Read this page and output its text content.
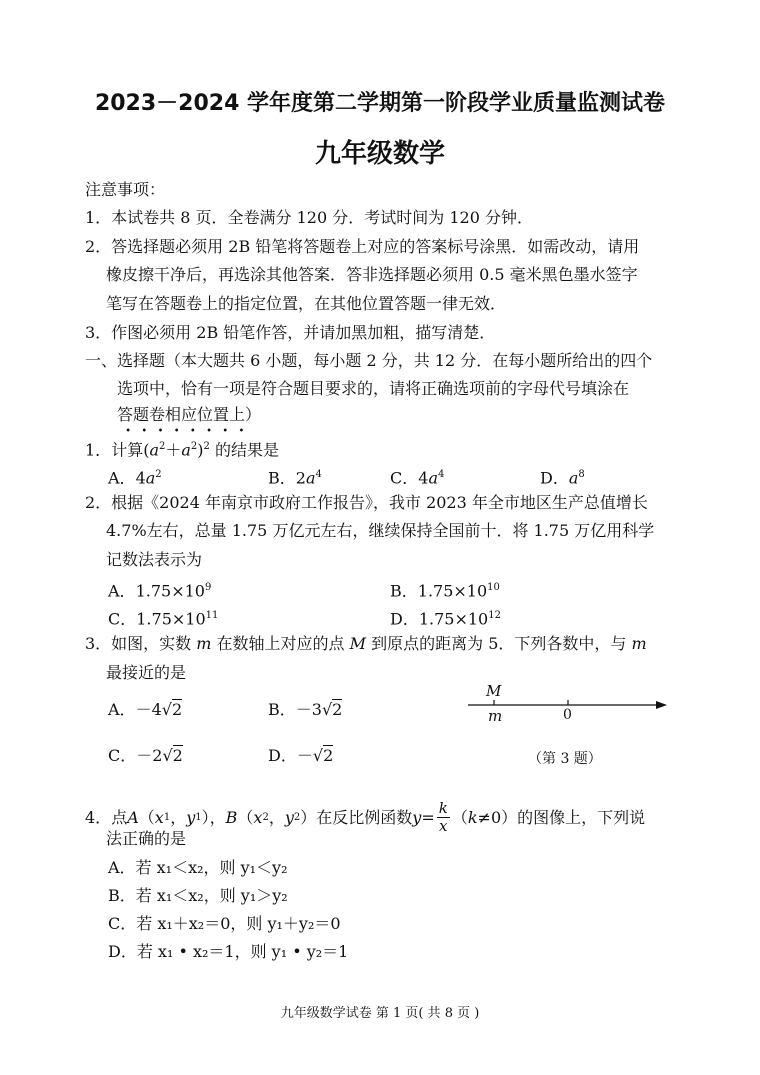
2023－2024 学年度第二学期第一阶段学业质量监测试卷
九年级数学
注意事项：
1．本试卷共 8 页．全卷满分 120 分．考试时间为 120 分钟．
2．答选择题必须用 2B 铅笔将答题卷上对应的答案标号涂黑．如需改动，请用
橡皮擦干净后，再选涂其他答案．答非选择题必须用 0.5 毫米黑色墨水签字
笔写在答题卷上的指定位置，在其他位置答题一律无效．
3．作图必须用 2B 铅笔作答，并请加黑加粗，描写清楚．
一、选择题（本大题共 6 小题，每小题 2 分，共 12 分．在每小题所给出的四个
选项中，恰有一项是符合题目要求的，请将正确选项前的字母代号填涂在
答题卷相应位置上）
1．计算$(a^2+a^2)^2$ 的结果是
A．$4a^2$	B．$2a^4$	C．$4a^4$	D．$a^8$
2．根据《2024 年南京市政府工作报告》，我市 2023 年全市地区生产总值增长
4.7%左右，总量 1.75 万亿元左右，继续保持全国前十．将 1.75 万亿用科学
记数法表示为
A．$1.75\times 10^9$	B．$1.75\times 10^{10}$
C．$1.75\times 10^{11}$	D．$1.75\times 10^{12}$
3．如图，实数 m 在数轴上对应的点 M 到原点的距离为 5．下列各数中，与 m
最接近的是
A．－4√2	B．－3√2
C．－2√2	D．－√2
M
m	0
（第 3 题）
4． 点 A （ x 1 ， y 1 ）， B （ x 2 ， y 2 ）在反比例函数 $y = \frac{k}{x}$ （ k ≠0） 的图像上，下列说
法正确的是
A．若 x₁＜x₂，则 y₁＜y₂
B．若 x₁＜x₂，则 y₁＞y₂
C．若 x₁＋x₂＝0，则 y₁＋y₂＝0
D．若 x₁ • x₂＝1，则 y₁ • y₂＝1
九年级数学试卷 第 1 页( 共 8 页 )
